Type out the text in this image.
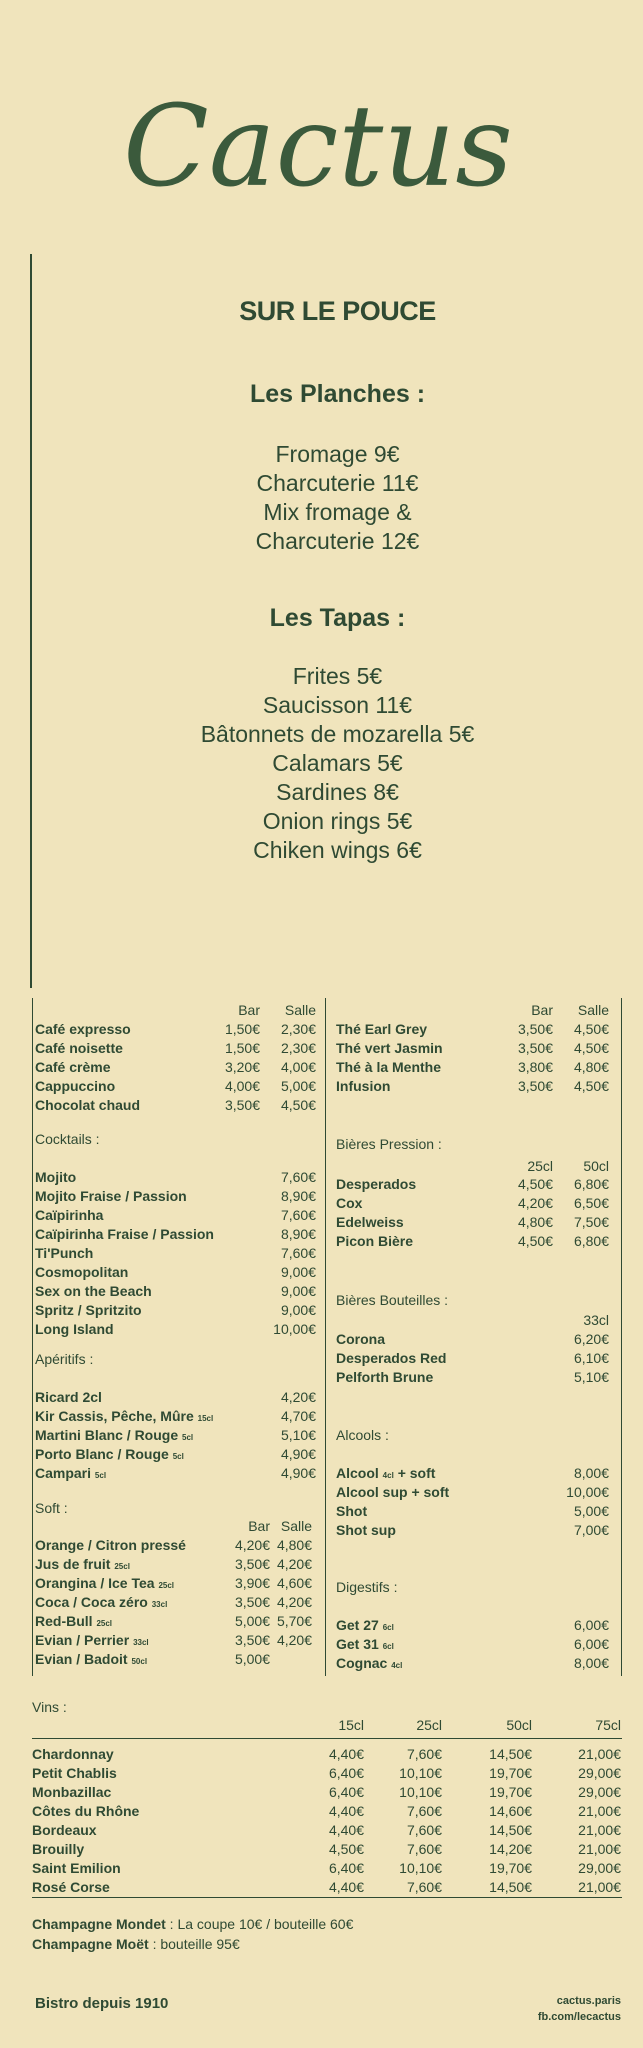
Cactus
SUR LE POUCE
Les Planches :
Fromage 9€
Charcuterie 11€
Mix fromage &
Charcuterie 12€
Les Tapas :
Frites 5€
Saucisson 11€
Bâtonnets de mozarella 5€
Calamars 5€
Sardines 8€
Onion rings 5€
Chiken wings 6€
Bar	Salle
Café expresso	1,50€	2,30€
Café noisette	1,50€	2,30€
Café crème	3,20€	4,00€
Cappuccino	4,00€	5,00€
Chocolat chaud	3,50€	4,50€
Cocktails :
Mojito	7,60€
Mojito Fraise / Passion	8,90€
Caïpirinha	7,60€
Caïpirinha Fraise / Passion	8,90€
Ti'Punch	7,60€
Cosmopolitan	9,00€
Sex on the Beach	9,00€
Spritz / Spritzito	9,00€
Long Island	10,00€
Apéritifs :
Ricard 2cl	4,20€
Kir Cassis, Pêche, Mûre 15cl	4,70€
Martini Blanc / Rouge 5cl	5,10€
Porto Blanc / Rouge 5cl	4,90€
Campari 5cl	4,90€
Soft :
Bar Salle
Orange / Citron pressé	4,20€ 4,80€
Jus de fruit 25cl	3,50€ 4,20€
Orangina / Ice Tea 25cl	3,90€ 4,60€
Coca / Coca zéro 33cl	3,50€ 4,20€
Red-Bull 25cl	5,00€ 5,70€
Evian / Perrier 33cl	3,50€ 4,20€
Evian / Badoit 50cl	5,00€
Bar	Salle
Thé Earl Grey	3,50€	4,50€
Thé vert Jasmin	3,50€	4,50€
Thé à la Menthe	3,80€	4,80€
Infusion	3,50€	4,50€
Bières Pression :
25cl	50cl
Desperados	4,50€	6,80€
Cox	4,20€	6,50€
Edelweiss	4,80€	7,50€
Picon Bière	4,50€	6,80€
Bières Bouteilles :
33cl
Corona	6,20€
Desperados Red	6,10€
Pelforth Brune	5,10€
Alcools :
Alcool 4cl + soft	8,00€
Alcool sup + soft	10,00€
Shot	5,00€
Shot sup	7,00€
Digestifs :
Get 27 6cl	6,00€
Get 31 6cl	6,00€
Cognac 4cl	8,00€
Vins :
15cl	25cl	50cl	75cl
Chardonnay	4,40€	7,60€	14,50€	21,00€
Petit Chablis	6,40€	10,10€	19,70€	29,00€
Monbazillac	6,40€	10,10€	19,70€	29,00€
Côtes du Rhône	4,40€	7,60€	14,60€	21,00€
Bordeaux	4,40€	7,60€	14,50€	21,00€
Brouilly	4,50€	7,60€	14,20€	21,00€
Saint Emilion	6,40€	10,10€	19,70€	29,00€
Rosé Corse	4,40€	7,60€	14,50€	21,00€
Champagne Mondet : La coupe 10€ / bouteille 60€
Champagne Moët : bouteille 95€
Bistro depuis 1910	cactus.paris
fb.com/lecactus
